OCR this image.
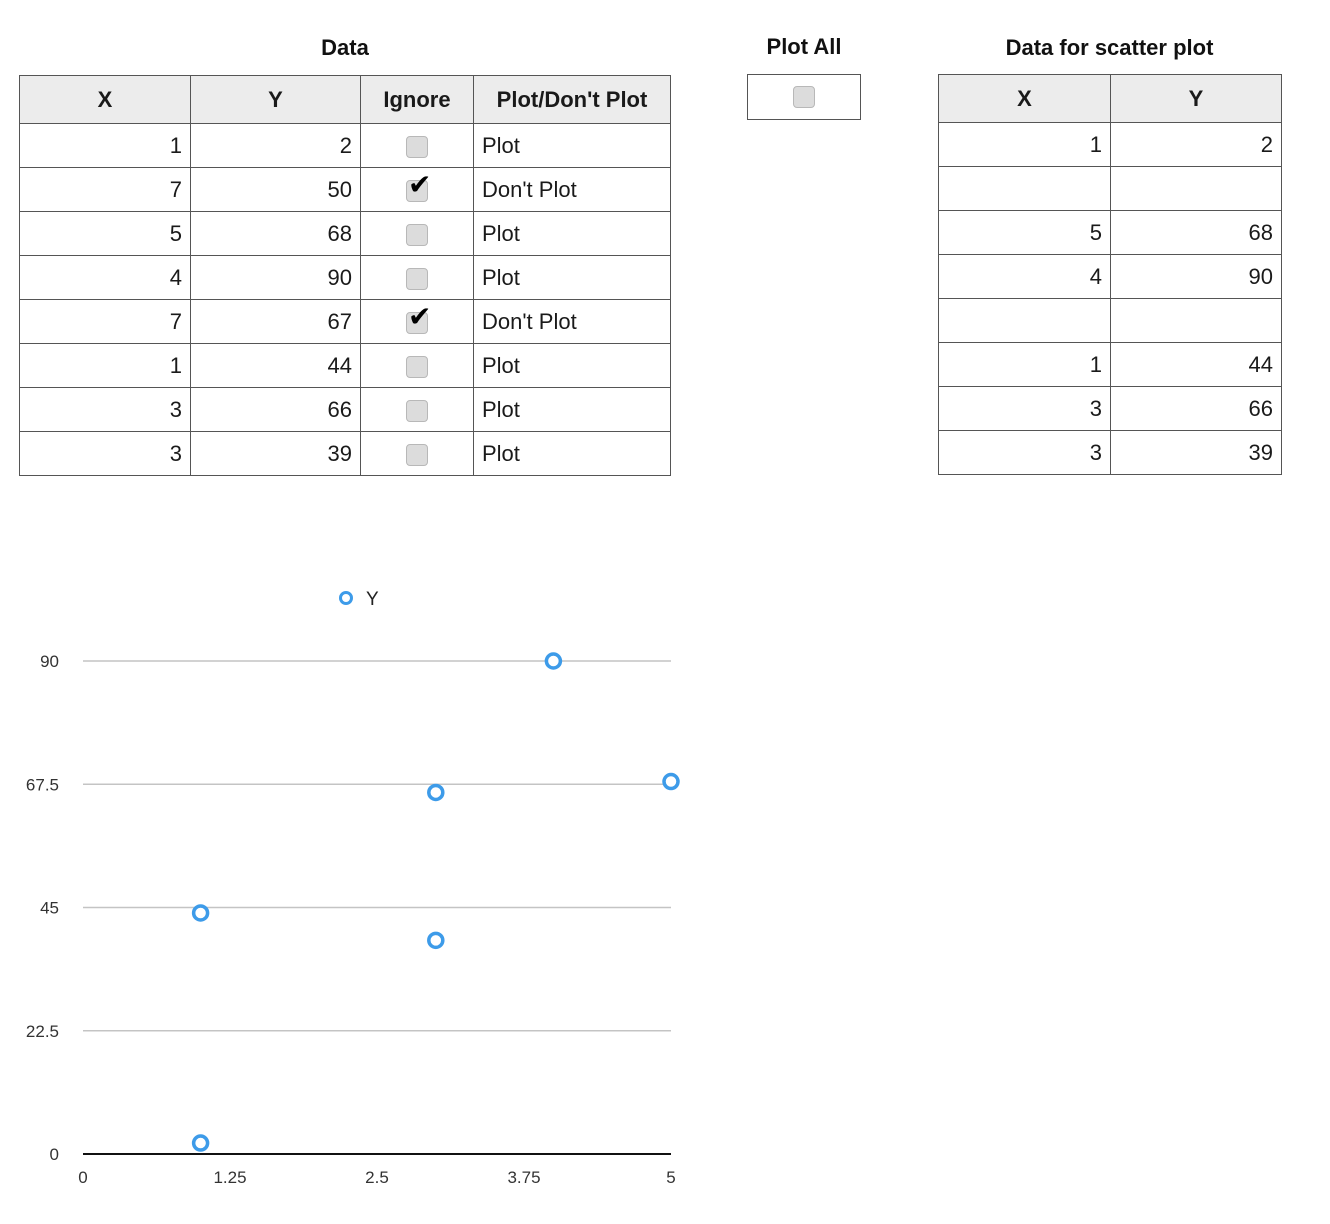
Data
X	Y	Ignore	Plot/Don't Plot
1	2		Plot
7	50	✔	Don't Plot
5	68		Plot
4	90		Plot
7	67	✔	Don't Plot
1	44		Plot
3	66		Plot
3	39		Plot
Plot All	Data for scatter plot
X	Y
1	2

5	68
4	90

1	44
3	66
3	39
0
22.5
45
67.5
90
0	1.25	2.5	3.75	5
Y
